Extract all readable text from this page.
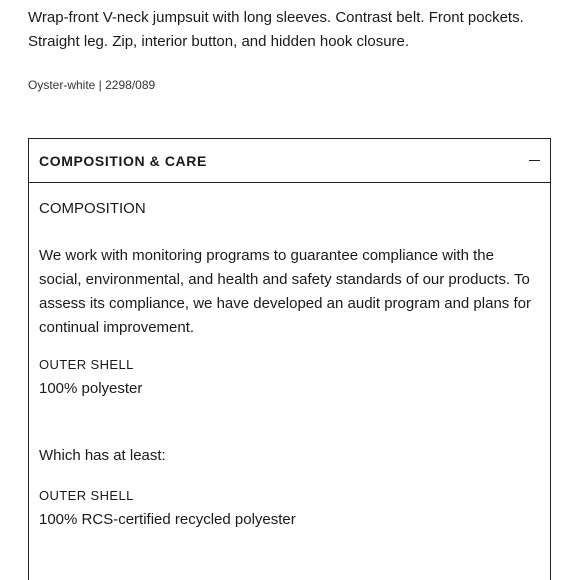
Wrap-front V-neck jumpsuit with long sleeves. Contrast belt. Front pockets. Straight leg. Zip, interior button, and hidden hook closure.

Oyster-white | 2298/089
COMPOSITION & CARE
COMPOSITION

We work with monitoring programs to guarantee compliance with the social, environmental, and health and safety standards of our products. To assess its compliance, we have developed an audit program and plans for continual improvement.

OUTER SHELL
100% polyester
Which has at least:
OUTER SHELL
100% RCS-certified recycled polyester
